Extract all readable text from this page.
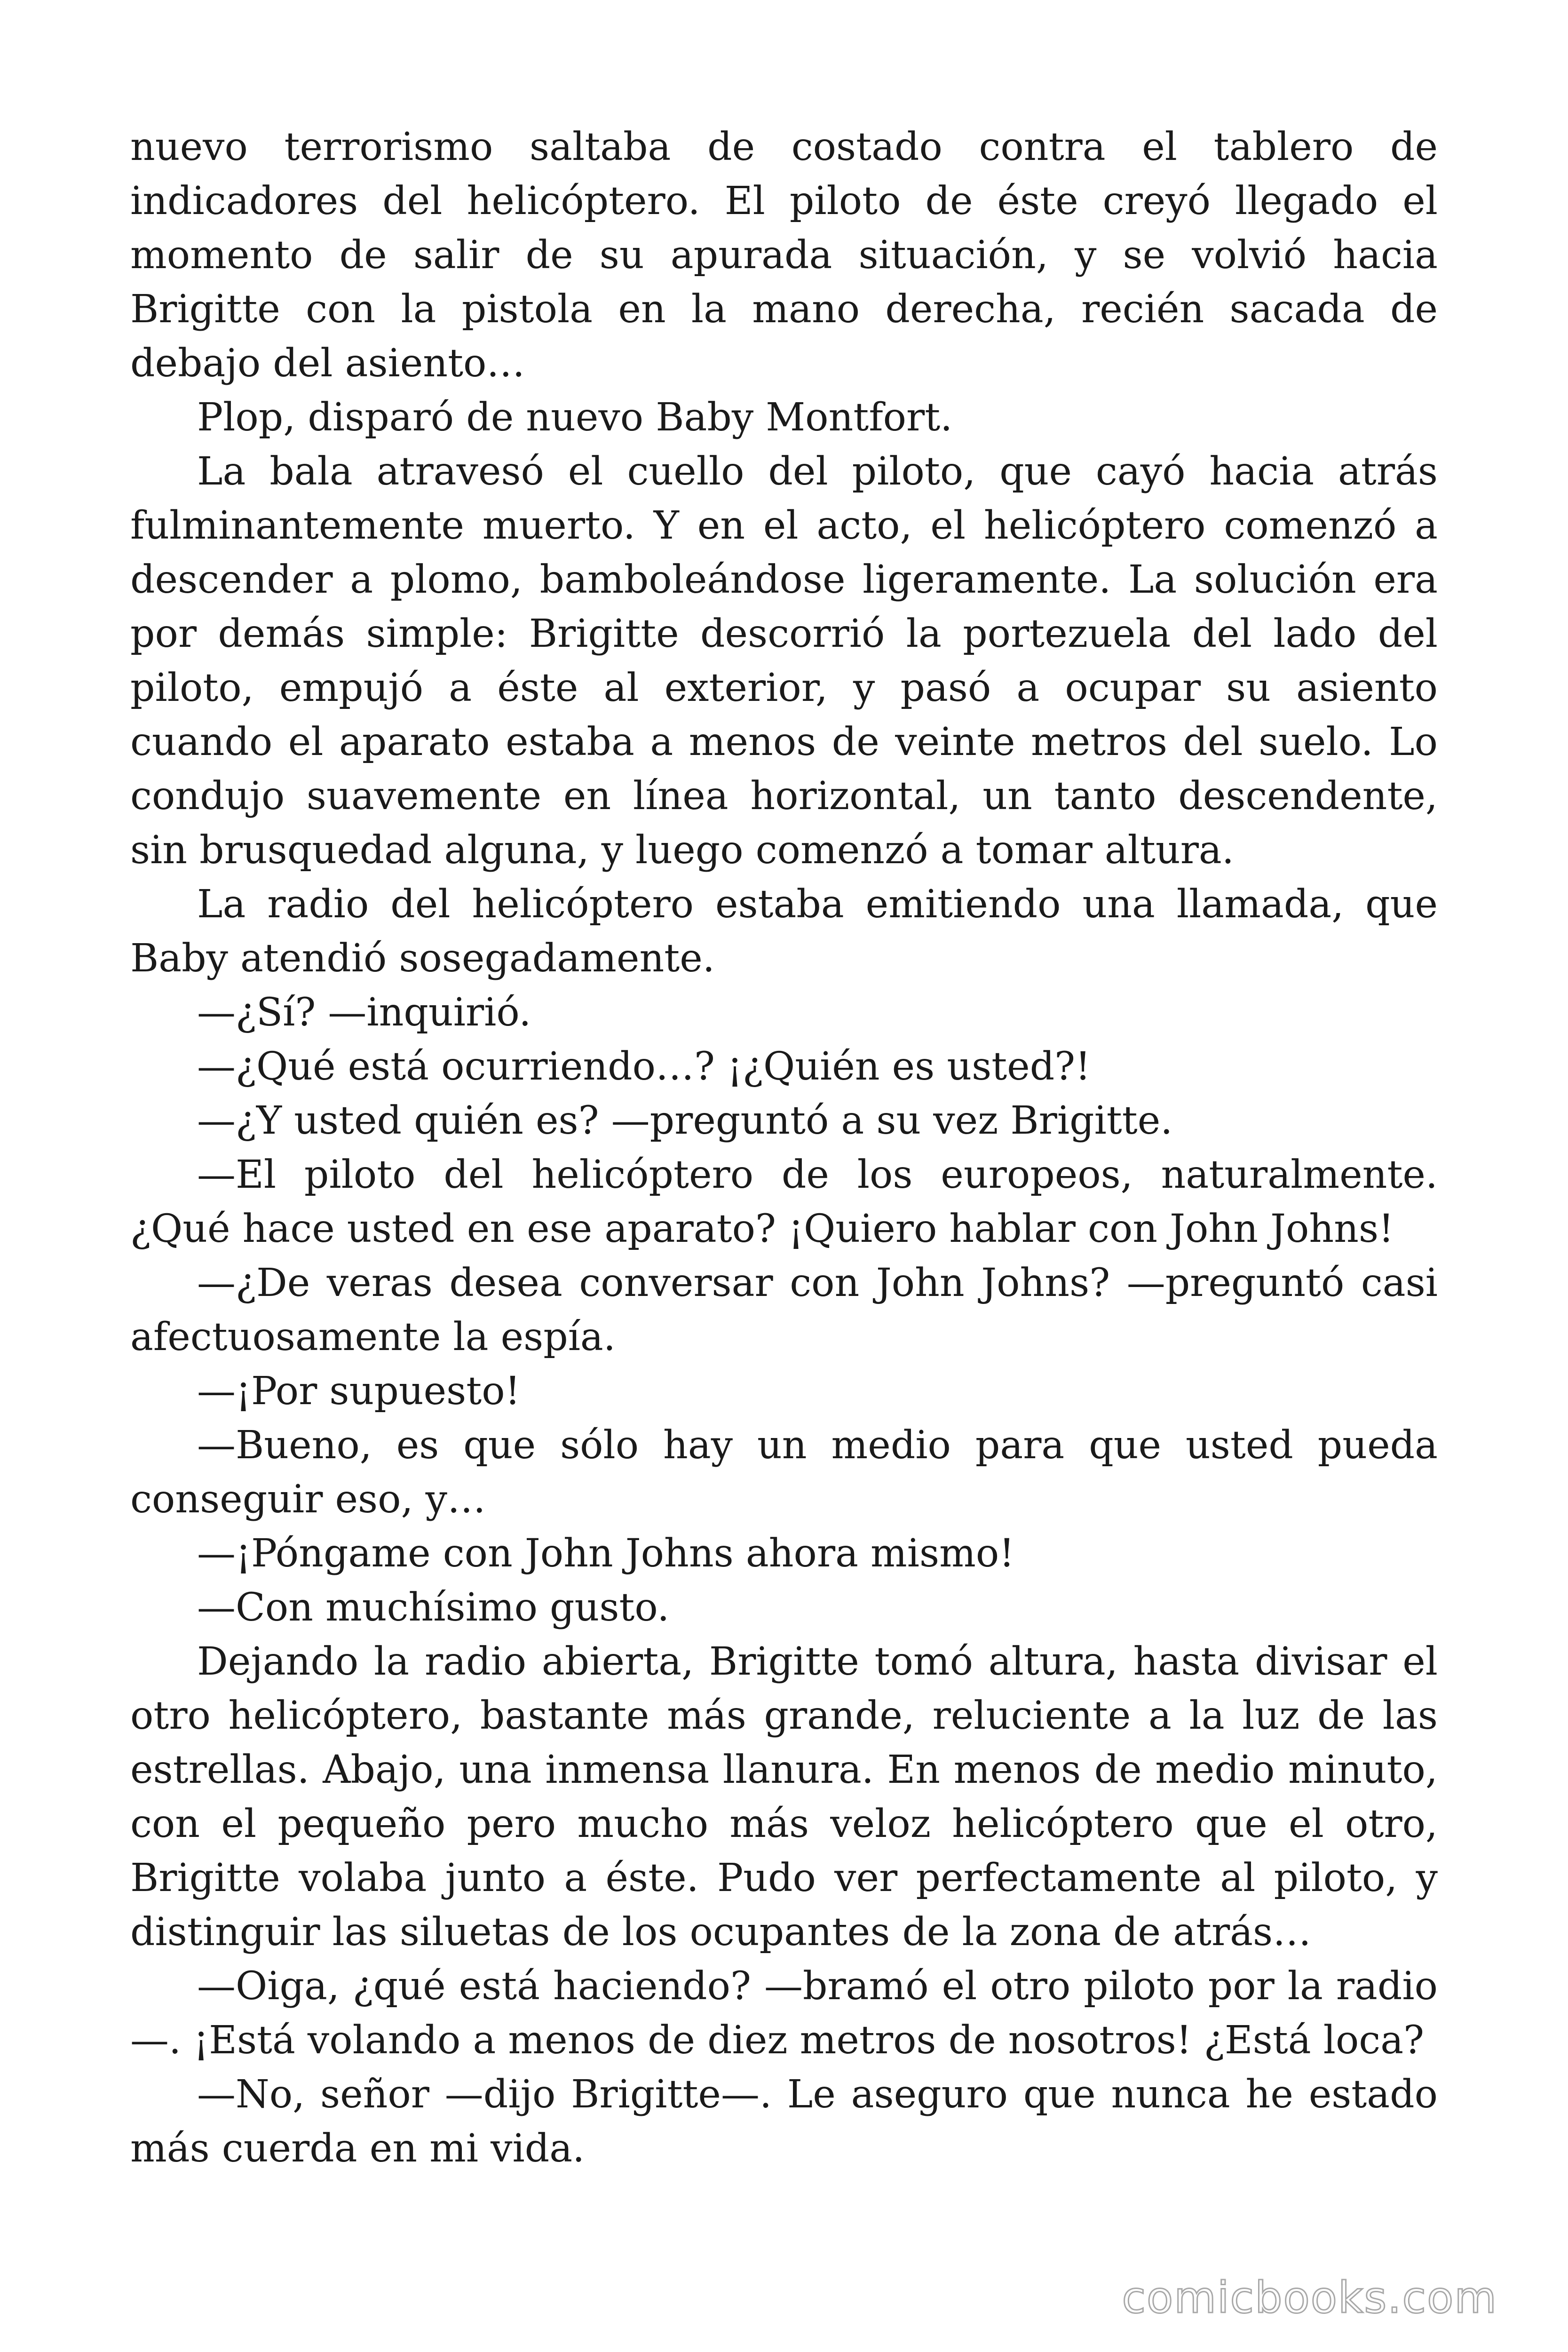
nuevo terrorismo saltaba de costado contra el tablero de indicadores del helicóptero. El piloto de éste creyó llegado el momento de salir de su apurada situación, y se volvió hacia Brigitte con la pistola en la mano derecha, recién sacada de debajo del asiento…

Plop, disparó de nuevo Baby Montfort.

La bala atravesó el cuello del piloto, que cayó hacia atrás fulminantemente muerto. Y en el acto, el helicóptero comenzó a descender a plomo, bamboleándose ligeramente. La solución era por demás simple: Brigitte descorrió la portezuela del lado del piloto, empujó a éste al exterior, y pasó a ocupar su asiento cuando el aparato estaba a menos de veinte metros del suelo. Lo condujo suavemente en línea horizontal, un tanto descendente, sin brusquedad alguna, y luego comenzó a tomar altura.

La radio del helicóptero estaba emitiendo una llamada, que Baby atendió sosegadamente.

—¿Sí? —inquirió.

—¿Qué está ocurriendo…? ¡¿Quién es usted?!

—¿Y usted quién es? —preguntó a su vez Brigitte.

—El piloto del helicóptero de los europeos, naturalmente. ¿Qué hace usted en ese aparato? ¡Quiero hablar con John Johns!

—¿De veras desea conversar con John Johns? —preguntó casi afectuosamente la espía.

—¡Por supuesto!

—Bueno, es que sólo hay un medio para que usted pueda conseguir eso, y…

—¡Póngame con John Johns ahora mismo!

—Con muchísimo gusto.

Dejando la radio abierta, Brigitte tomó altura, hasta divisar el otro helicóptero, bastante más grande, reluciente a la luz de las estrellas. Abajo, una inmensa llanura. En menos de medio minuto, con el pequeño pero mucho más veloz helicóptero que el otro, Brigitte volaba junto a éste. Pudo ver perfectamente al piloto, y distinguir las siluetas de los ocupantes de la zona de atrás…

—Oiga, ¿qué está haciendo? —bramó el otro piloto por la radio —. ¡Está volando a menos de diez metros de nosotros! ¿Está loca?

—No, señor —dijo Brigitte—. Le aseguro que nunca he estado más cuerda en mi vida.

comicbooks.com
